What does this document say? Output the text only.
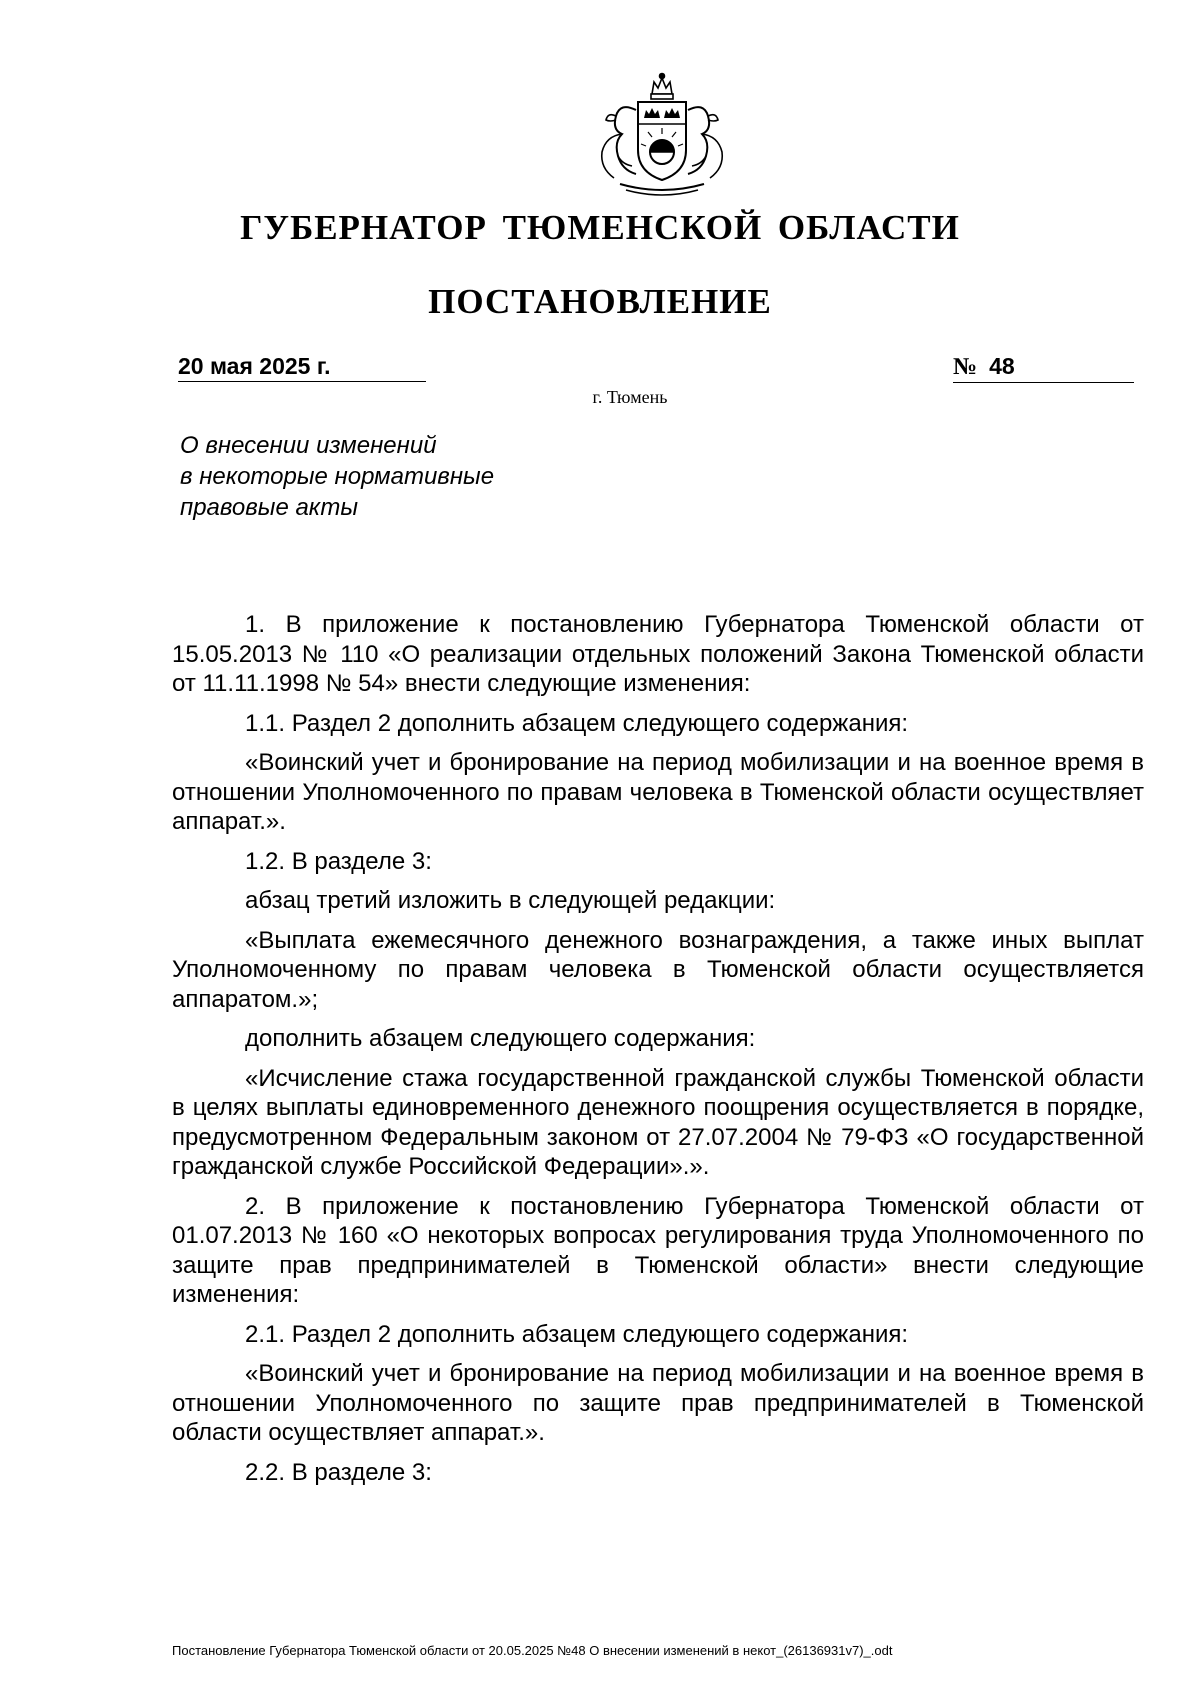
ГУБЕРНАТОР ТЮМЕНСКОЙ ОБЛАСТИ
ПОСТАНОВЛЕНИЕ
20 мая 2025 г.	№ 48
г. Тюмень
О внесении изменений
в некоторые нормативные
правовые акты

1. В приложение к постановлению Губернатора Тюменской области от 15.05.2013 № 110 «О реализации отдельных положений Закона Тюменской области от 11.11.1998 № 54» внести следующие изменения:

1.1. Раздел 2 дополнить абзацем следующего содержания:

«Воинский учет и бронирование на период мобилизации и на военное время в отношении Уполномоченного по правам человека в Тюменской области осуществляет аппарат.».

1.2. В разделе 3:

абзац третий изложить в следующей редакции:

«Выплата ежемесячного денежного вознаграждения, а также иных выплат Уполномоченному по правам человека в Тюменской области осуществляется аппаратом.»;

дополнить абзацем следующего содержания:

«Исчисление стажа государственной гражданской службы Тюменской области в целях выплаты единовременного денежного поощрения осуществляется в порядке, предусмотренном Федеральным законом от 27.07.2004 № 79-ФЗ «О государственной гражданской службе Российской Федерации».».

2. В приложение к постановлению Губернатора Тюменской области от 01.07.2013 № 160 «О некоторых вопросах регулирования труда Уполномоченного по защите прав предпринимателей в Тюменской области» внести следующие изменения:

2.1. Раздел 2 дополнить абзацем следующего содержания:

«Воинский учет и бронирование на период мобилизации и на военное время в отношении Уполномоченного по защите прав предпринимателей в Тюменской области осуществляет аппарат.».

2.2. В разделе 3:

Постановление Губернатора Тюменской области от 20.05.2025 №48 О внесении изменений в некот_(26136931v7)_.odt
